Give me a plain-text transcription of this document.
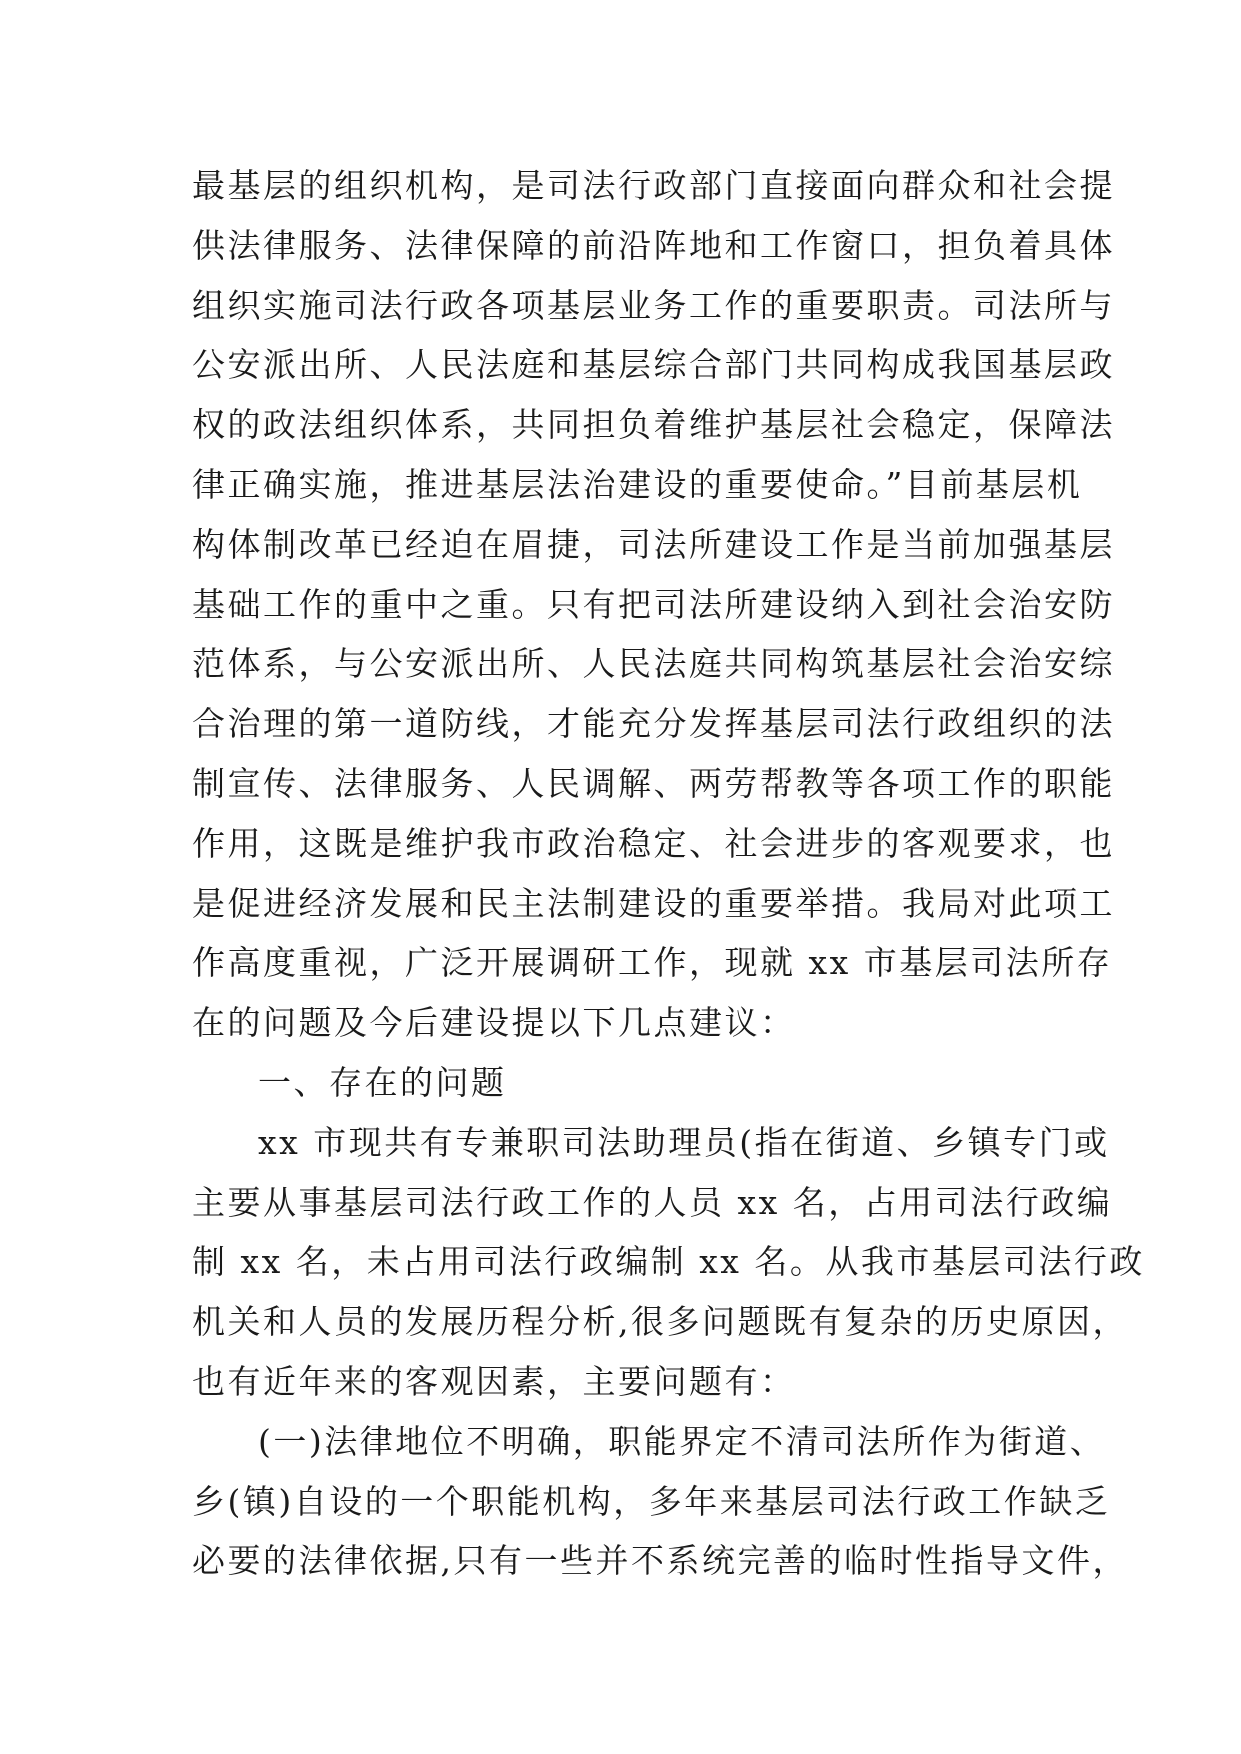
最基层的组织机构，是司法行政部门直接面向群众和社会提
供法律服务、法律保障的前沿阵地和工作窗口，担负着具体
组织实施司法行政各项基层业务工作的重要职责。司法所与
公安派出所、人民法庭和基层综合部门共同构成我国基层政
权的政法组织体系，共同担负着维护基层社会稳定，保障法
律正确实施，推进基层法治建设的重要使命。”目前基层机
构体制改革已经迫在眉捷，司法所建设工作是当前加强基层
基础工作的重中之重。只有把司法所建设纳入到社会治安防
范体系，与公安派出所、人民法庭共同构筑基层社会治安综
合治理的第一道防线，才能充分发挥基层司法行政组织的法
制宣传、法律服务、人民调解、两劳帮教等各项工作的职能
作用，这既是维护我市政治稳定、社会进步的客观要求，也
是促进经济发展和民主法制建设的重要举措。我局对此项工
作高度重视，广泛开展调研工作，现就 xx 市基层司法所存
在的问题及今后建设提以下几点建议：
一、存在的问题
xx 市现共有专兼职司法助理员(指在街道、乡镇专门或
主要从事基层司法行政工作的人员 xx 名，占用司法行政编
制 xx 名，未占用司法行政编制 xx 名。从我市基层司法行政
机关和人员的发展历程分析,很多问题既有复杂的历史原因，
也有近年来的客观因素，主要问题有：
(一)法律地位不明确，职能界定不清司法所作为街道、
乡(镇)自设的一个职能机构，多年来基层司法行政工作缺乏
必要的法律依据,只有一些并不系统完善的临时性指导文件，
